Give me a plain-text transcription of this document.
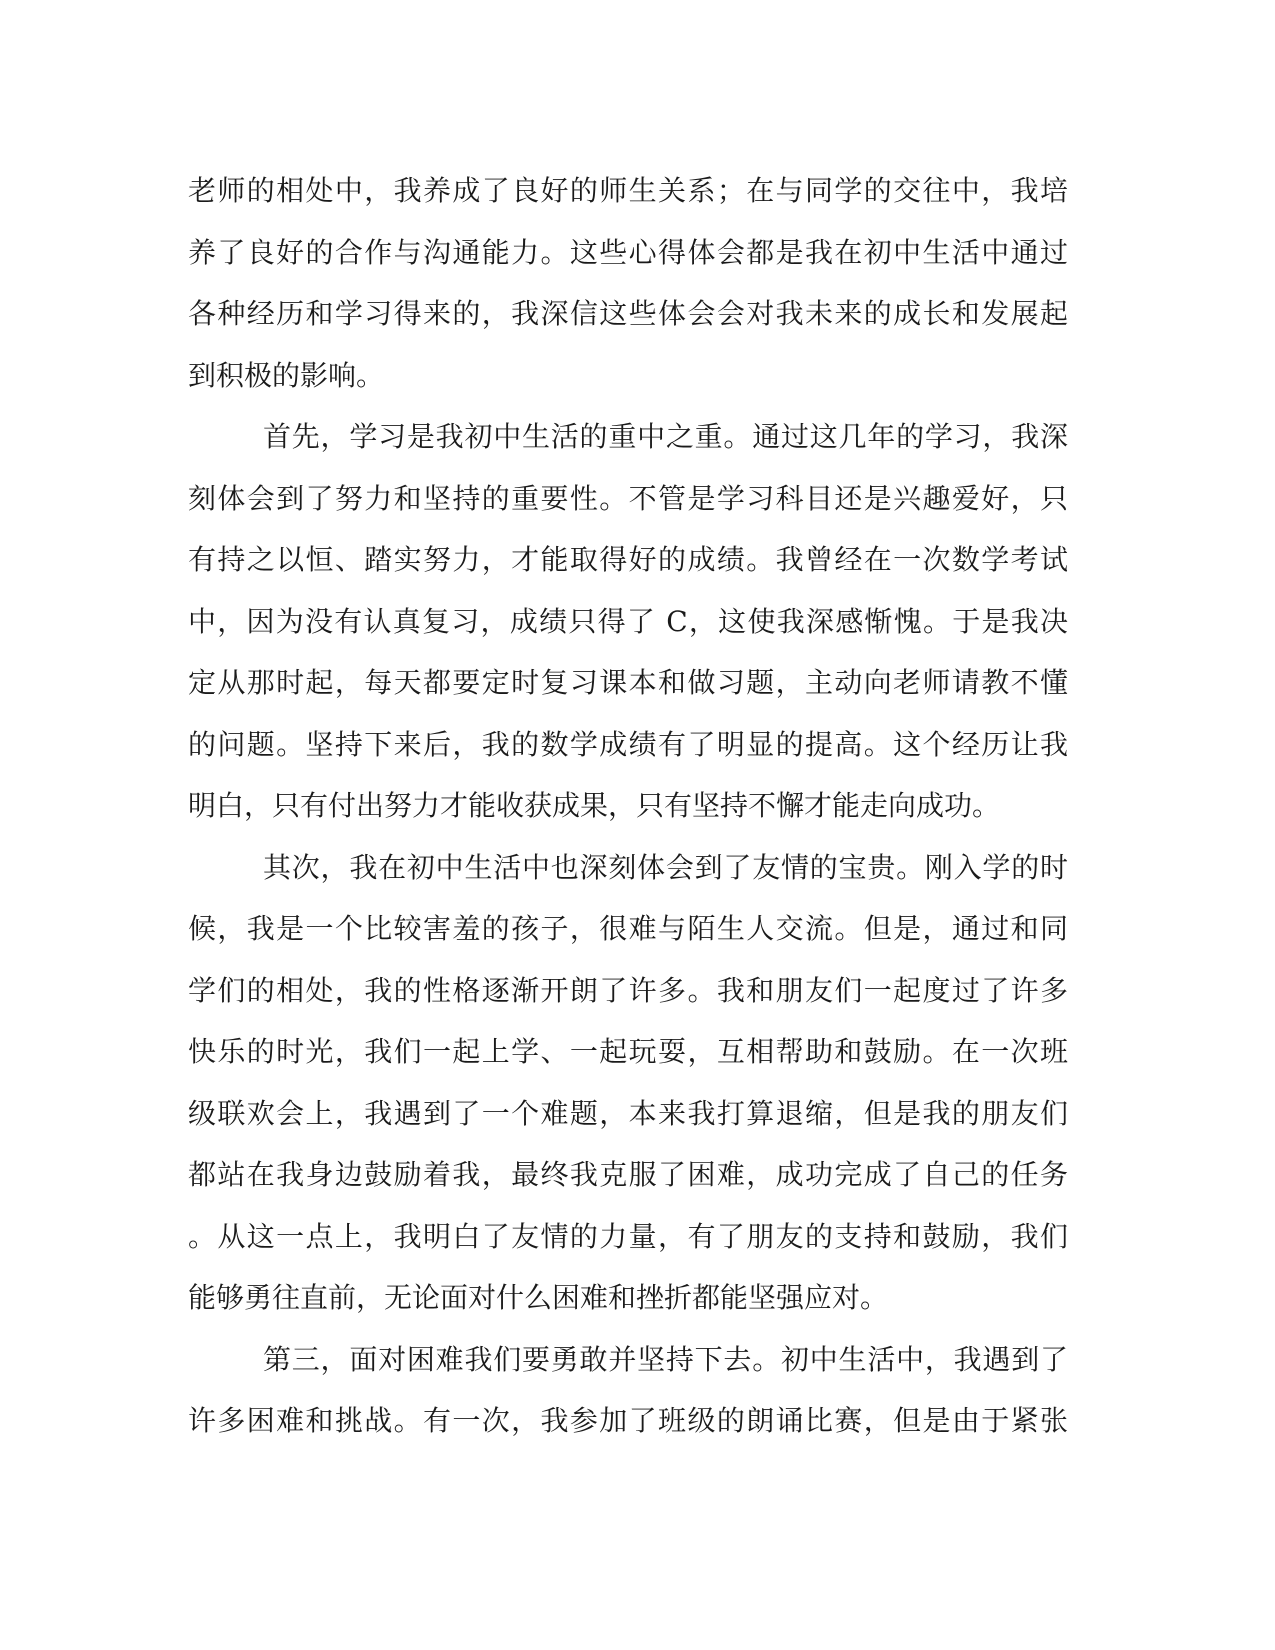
老师的相处中，我养成了良好的师生关系；在与同学的交往中，我培
养了良好的合作与沟通能力。这些心得体会都是我在初中生活中通过
各种经历和学习得来的，我深信这些体会会对我未来的成长和发展起
到积极的影响。
首先，学习是我初中生活的重中之重。通过这几年的学习，我深
刻体会到了努力和坚持的重要性。不管是学习科目还是兴趣爱好，只
有持之以恒、踏实努力，才能取得好的成绩。我曾经在一次数学考试
中，因为没有认真复习，成绩只得了 C，这使我深感惭愧。于是我决
定从那时起，每天都要定时复习课本和做习题，主动向老师请教不懂
的问题。坚持下来后，我的数学成绩有了明显的提高。这个经历让我
明白，只有付出努力才能收获成果，只有坚持不懈才能走向成功。
其次，我在初中生活中也深刻体会到了友情的宝贵。刚入学的时
候，我是一个比较害羞的孩子，很难与陌生人交流。但是，通过和同
学们的相处，我的性格逐渐开朗了许多。我和朋友们一起度过了许多
快乐的时光，我们一起上学、一起玩耍，互相帮助和鼓励。在一次班
级联欢会上，我遇到了一个难题，本来我打算退缩，但是我的朋友们
都站在我身边鼓励着我，最终我克服了困难，成功完成了自己的任务
。从这一点上，我明白了友情的力量，有了朋友的支持和鼓励，我们
能够勇往直前，无论面对什么困难和挫折都能坚强应对。
第三，面对困难我们要勇敢并坚持下去。初中生活中，我遇到了
许多困难和挑战。有一次，我参加了班级的朗诵比赛，但是由于紧张
